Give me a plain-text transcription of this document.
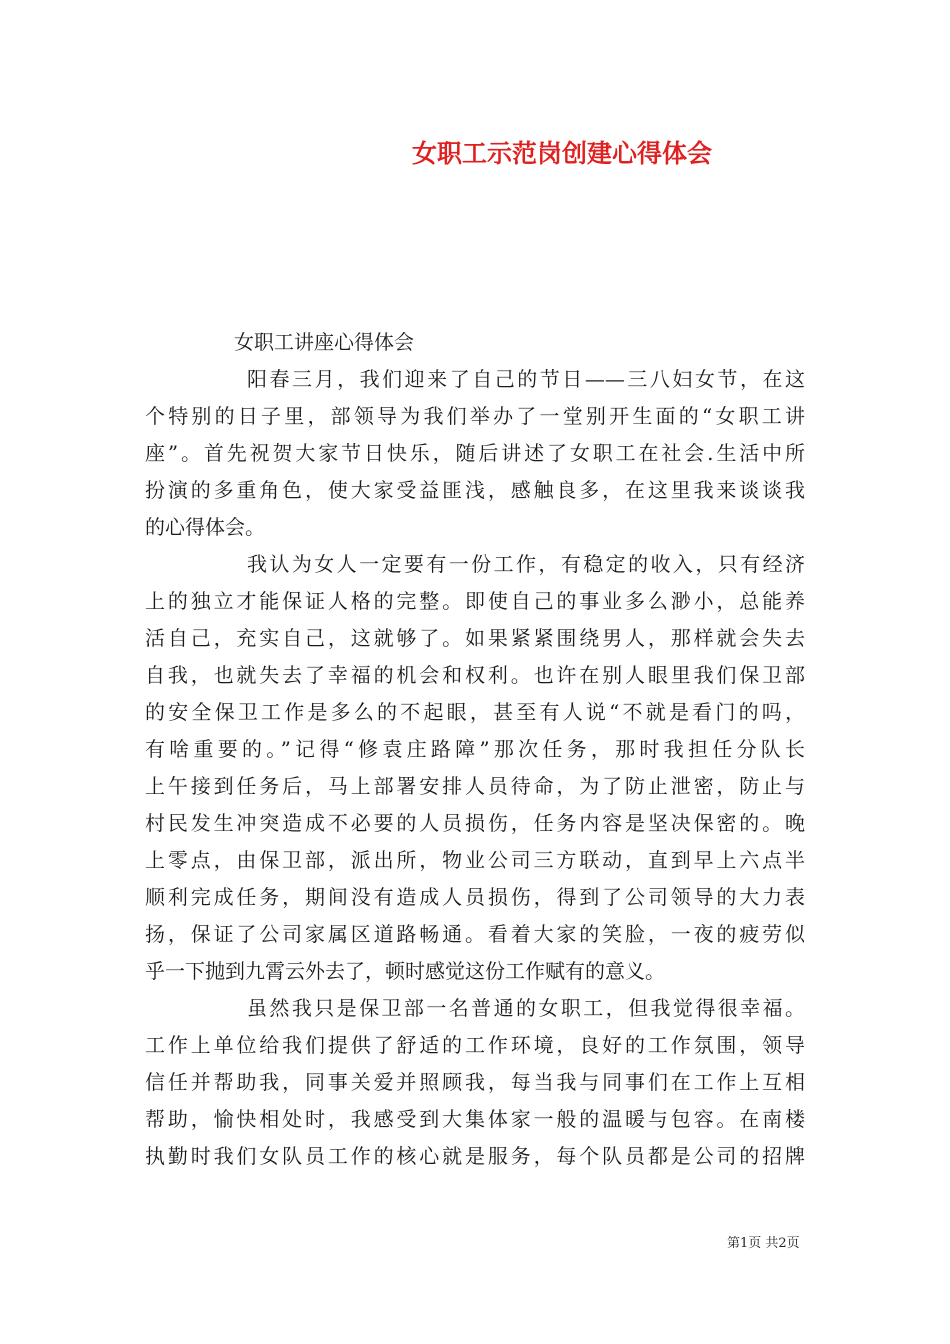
女职工示范岗创建心得体会
女职工讲座心得体会
阳春三月，我们迎来了自己的节日——三八妇女节，在这
个特别的日子里，部领导为我们举办了一堂别开生面的“女职工讲
座”。首先祝贺大家节日快乐，随后讲述了女职工在社会.生活中所
扮演的多重角色，使大家受益匪浅，感触良多，在这里我来谈谈我
的心得体会。
我认为女人一定要有一份工作，有稳定的收入，只有经济
上的独立才能保证人格的完整。即使自己的事业多么渺小，总能养
活自己，充实自己，这就够了。如果紧紧围绕男人，那样就会失去
自我，也就失去了幸福的机会和权利。也许在别人眼里我们保卫部
的安全保卫工作是多么的不起眼，甚至有人说“不就是看门的吗，
有啥重要的。”记得“修袁庄路障”那次任务，那时我担任分队长
上午接到任务后，马上部署安排人员待命，为了防止泄密，防止与
村民发生冲突造成不必要的人员损伤，任务内容是坚决保密的。晚
上零点，由保卫部，派出所，物业公司三方联动，直到早上六点半
顺利完成任务，期间没有造成人员损伤，得到了公司领导的大力表
扬，保证了公司家属区道路畅通。看着大家的笑脸，一夜的疲劳似
乎一下抛到九霄云外去了，顿时感觉这份工作赋有的意义。
虽然我只是保卫部一名普通的女职工，但我觉得很幸福。
工作上单位给我们提供了舒适的工作环境，良好的工作氛围，领导
信任并帮助我，同事关爱并照顾我，每当我与同事们在工作上互相
帮助，愉快相处时，我感受到大集体家一般的温暖与包容。在南楼
执勤时我们女队员工作的核心就是服务，每个队员都是公司的招牌
第1页 共2页
